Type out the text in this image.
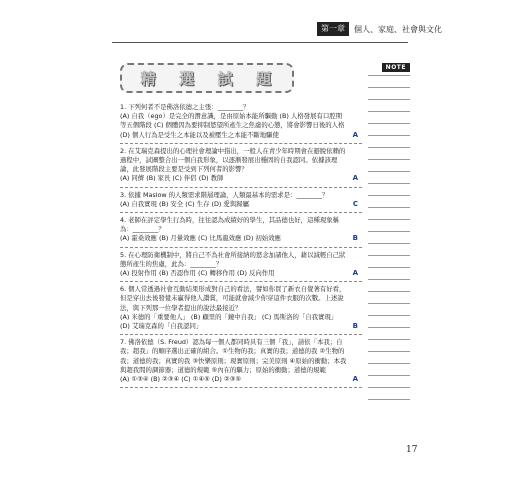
第一章	個人、家庭、社會與文化
NOTE
精 選 試 題
1. 下列何者不是佛洛依德之主張：________？
(A) 自我（ego）是完全的潛意識，是由原始本能所驅動 (B) 人格發展有口腔期等五個階段 (C) 個體因為要抑制慾望所產生之焦慮的心態，將會影響日後的人格 (D) 個人行為是受生之本能以及被壓生之本能不斷地驅使	A
2. 在艾瑞克森提出的心理社會理論中指出，一般人在青少年時期會在避脫依賴的過程中，試圖整合出一個自我形象，以逐漸發展出穩固的自我認同。依據該理論，此發展階段主要是受到下列何者的影響？
(A) 同儕 (B) 家長 (C) 伴侶 (D) 教師	A
3. 依據 Maslow 的人類需求階層理論，人類最基本的需求是：________？
(A) 自我實現 (B) 安全 (C) 生存 (D) 愛與歸屬	C
4. 老師在評定學生行為時，往往認為成績好的學生，其品德也好，這種現象稱為：________？
(A) 霍桑效應 (B) 月暈效應 (C) 比馬龍效應 (D) 初始效應	B
5. 在心理防衛機制中，將自己不為社會所接納的慾念加諸他人，藉以減輕自己狀態所產生的焦慮，此為：________？
(A) 投射作用 (B) 否認作用 (C) 轉移作用 (D) 反向作用	A
6. 個人常透過社會互動結果形成對自己的看法，譬如你買了新衣自覺著有好看，但是穿出去後發覺未贏得他人讚賞，可能就會減少你穿這件衣服的次數。上述說法，與下列那一位學者提出的說法最接近？
(A) 米德的「重要他人」 (B) 顧里的「鏡中自我」 (C) 馬斯洛的「自我實現」 (D) 艾瑞克森的「自我認同」	B
7. 佛洛依德（S. Freud）認為每一個人都同時具有三個「我」，請依「本我；自我；超我」的順序選出正確的組合。①生物的我；真實的我；道德的我 ②生物的我；道德的我；真實的我 ③快樂原則；現實原則；完美原則 ④原始的衝動；本我與超我間的調節器；道德的規範 ⑤內在的驅力；原始的衝動；道德的規範
(A) ①③④ (B) ②③④ (C) ①④⑤ (D) ②③⑤	A
17
